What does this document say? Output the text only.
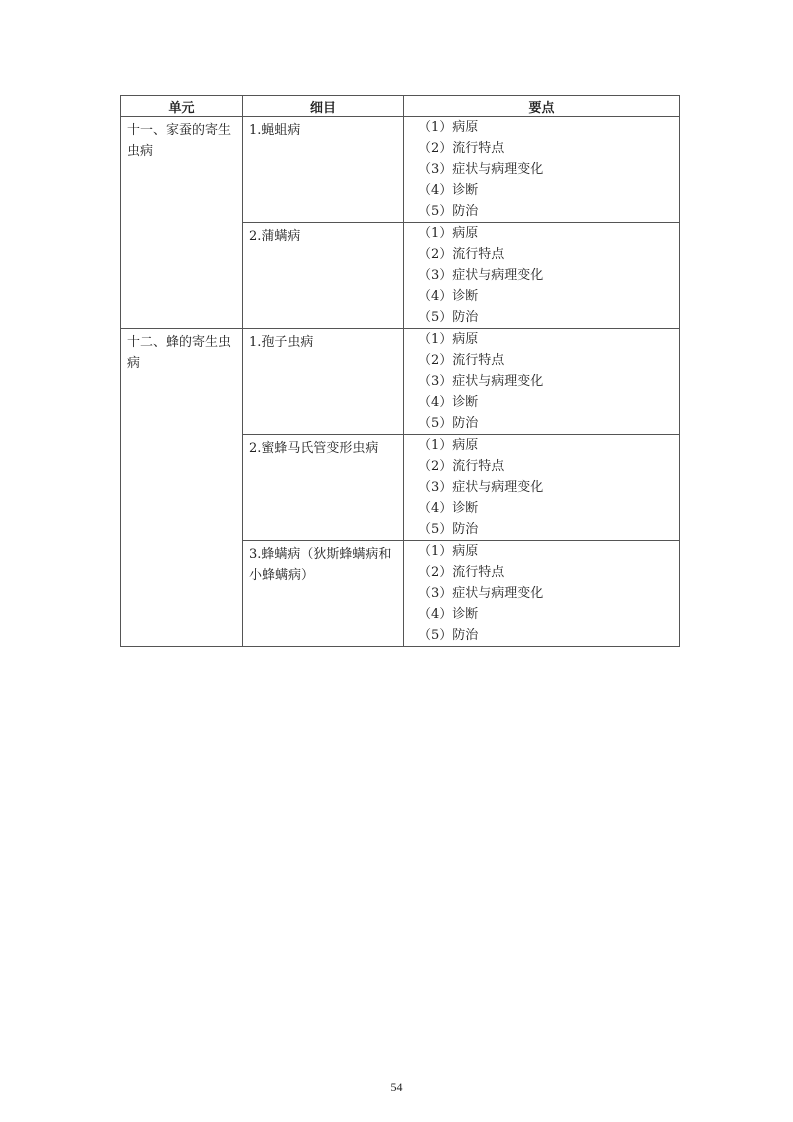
单元	细目	要点
十一、家蚕的寄生虫病	1.蝇蛆病	（1）病原
（2）流行特点
（3）症状与病理变化
（4）诊断
（5）防治

	2.蒲螨病	（1）病原
（2）流行特点
（3）症状与病理变化
（4）诊断
（5）防治

十二、蜂的寄生虫病	1.孢子虫病	（1）病原
（2）流行特点
（3）症状与病理变化
（4）诊断
（5）防治

	2.蜜蜂马氏管变形虫病	（1）病原
（2）流行特点
（3）症状与病理变化
（4）诊断
（5）防治

	3.蜂螨病（狄斯蜂螨病和小蜂螨病）	（1）病原
（2）流行特点
（3）症状与病理变化
（4）诊断
（5）防治
54
